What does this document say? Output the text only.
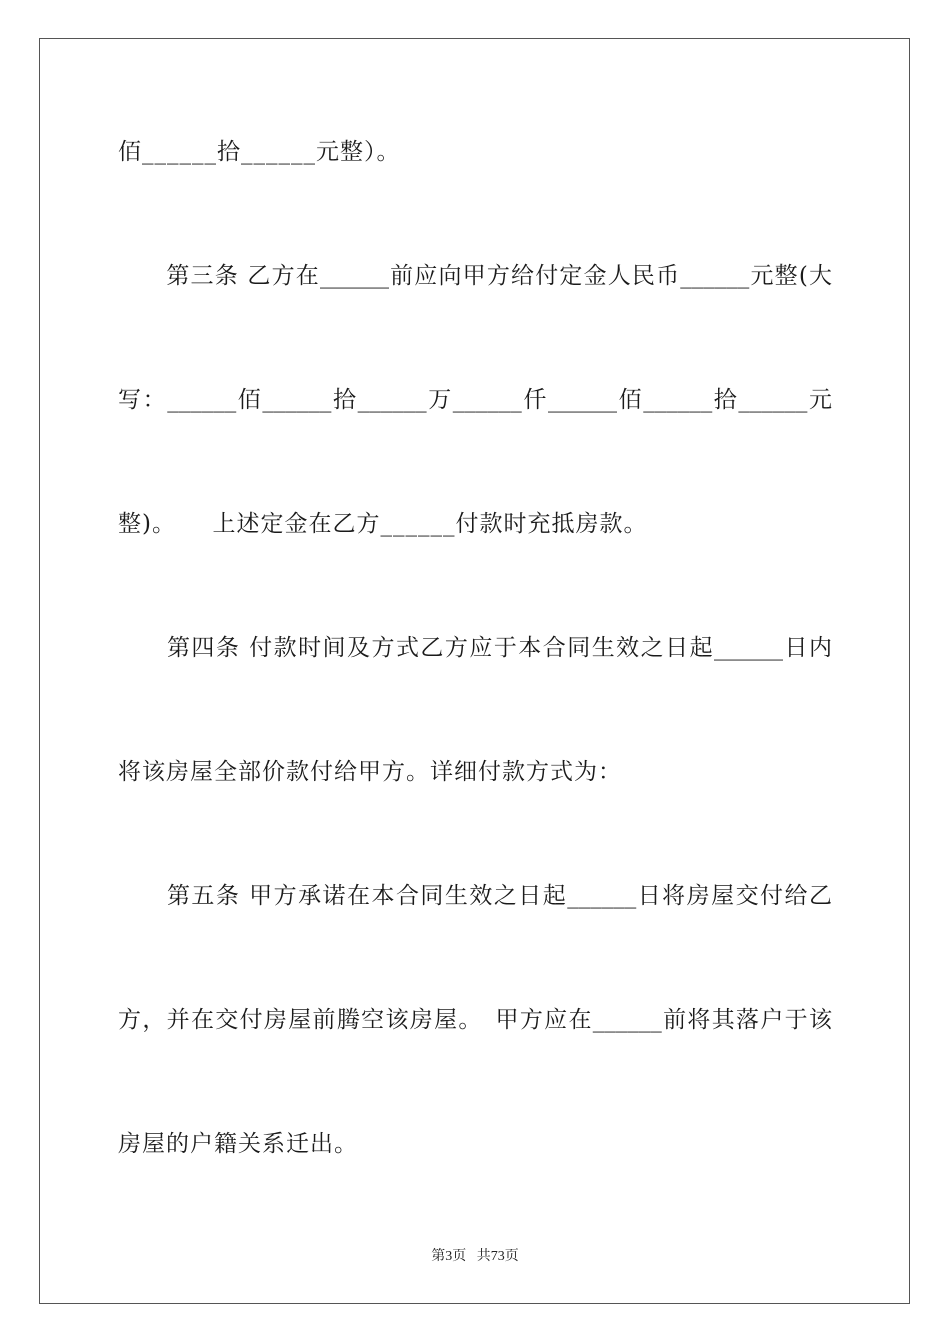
佰______拾______元整）。
　　第三条 乙方在______前应向甲方给付定金人民币______元整(大
写：______佰______拾______万______仟______佰______拾______元
整)。　　上述定金在乙方______付款时充抵房款。
　　第四条 付款时间及方式乙方应于本合同生效之日起______日内
将该房屋全部价款付给甲方。详细付款方式为：
　　第五条 甲方承诺在本合同生效之日起______日将房屋交付给乙
方，并在交付房屋前腾空该房屋。　甲方应在______前将其落户于该
房屋的户籍关系迁出。
第3页 共73页
